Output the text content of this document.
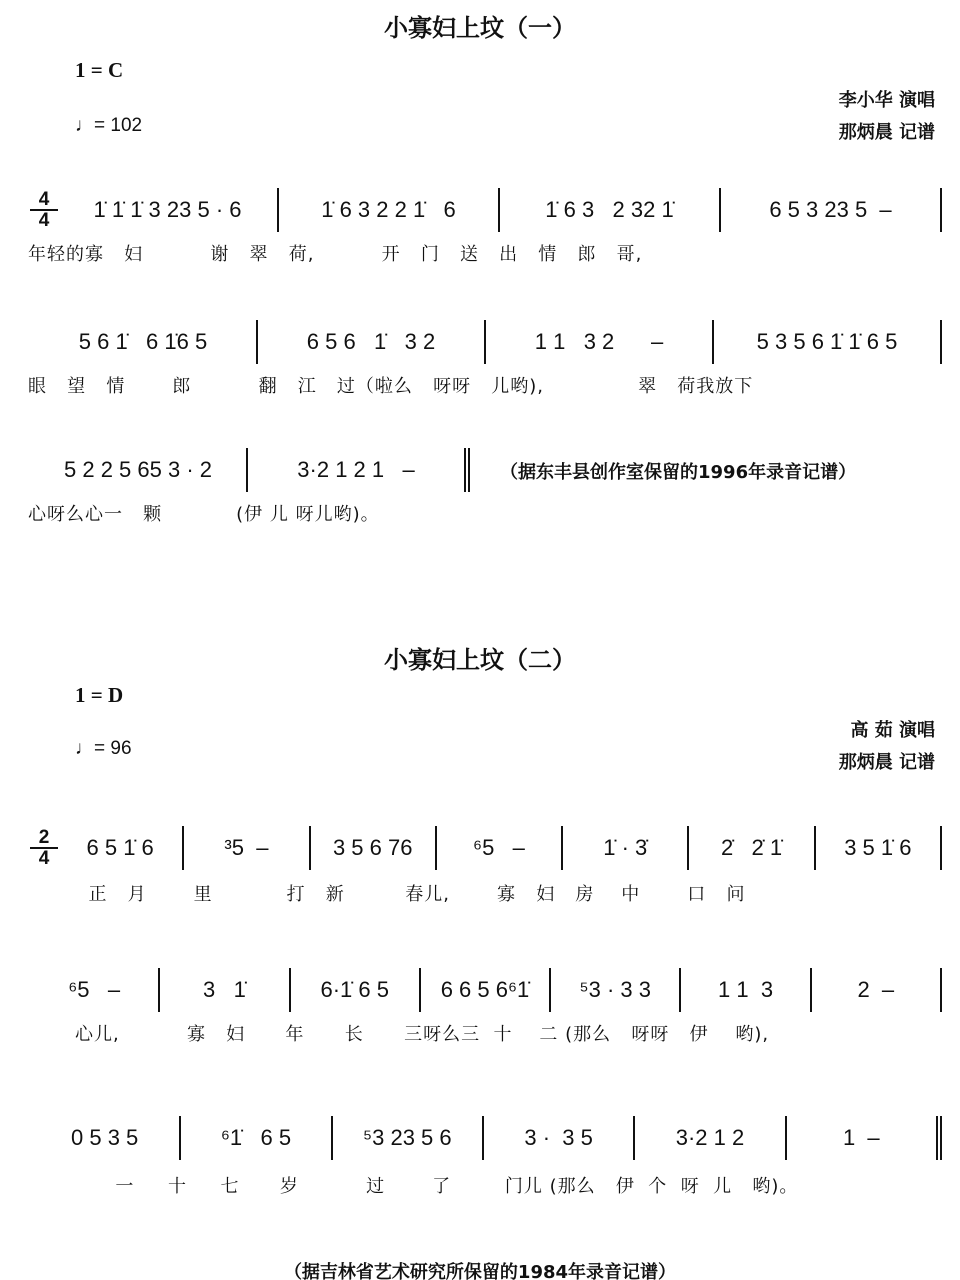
小寡妇上坟（一）
1 = C
♩= 102
李小华 演唱
那炳晨 记谱
$\frac{4}{4}$	1̇ 1̇ 1̇ 3 23 5 · 6	1̇ 6 3 2 2 1̇   6	1̇ 6 3   2 32 1̇	6 5 3 23 5  –
年轻的寡   妇          谢   翠   荷,          开   门   送   出   情   郎   哥,
5 6 1̇   6 1̇6 5	6 5 6   1̇   3 2	1 1   3 2      –	5 3 5 6 1̇ 1̇ 6 5
眼   望   情       郎          翻   江   过（啦么   呀呀   儿哟),              翠   荷我放下
5 2 2 5 65 3 · 2	3·2 1 2 1   –	（据东丰县创作室保留的1996年录音记谱）
心呀么心一   颗           (伊 儿 呀儿哟)。
小寡妇上坟（二）
1 = D
♩= 96
高 茹 演唱
那炳晨 记谱
$\frac{2}{4}$	6 5 1̇ 6	³5  –	3 5 6 76	⁶5   –	1̇ · 3̇	2̇   2̇ 1̇	3 5 1̇ 6
正   月       里           打   新         春儿,       寡   妇   房    中       口   问
⁶5   –	3   1̇	6·1̇ 6 5	6 6 5 6⁶1̇	⁵3 · 3 3	1 1  3	2  –
心儿,          寡   妇      年      长      三呀么三  十    二 (那么   呀呀   伊    哟),
0 5 3 5	⁶1̇   6 5	⁵3 23 5 6	3 ·  3 5	3·2 1 2	1  –
一     十     七      岁          过       了        门儿 (那么   伊  个  呀  儿   哟)。
（据吉林省艺术研究所保留的1984年录音记谱）
